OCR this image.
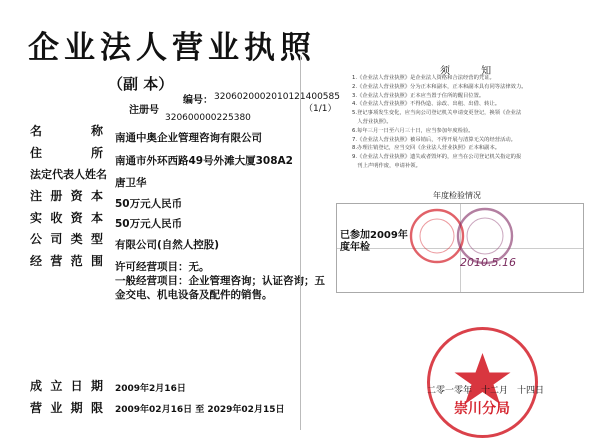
企业法人营业执照
（副 本）
编号： 3206020002010121400585
（1/1）
注册号
320600000225380
名　　　称
住　　　所
法定代表人姓名
注册资本
实收资本
公司类型
经营范围
成立日期
营业期限
南通中奥企业管理咨询有限公司
南通市外环西路49号外滩大厦308A2
唐卫华
50万元人民币
50万元人民币
有限公司(自然人控股)
许可经营项目：无。
一般经营项目：企业管理咨询；认证咨询；五
金交电、机电设备及配件的销售。
2009年2月16日
2009年02月16日 至 2029年02月15日
须 知
1.《企业法人营业执照》是企业法人资格和合法经营的凭证。
2.《企业法人营业执照》分为正本和副本，正本和副本具有同等法律效力。
3.《企业法人营业执照》正本应当置于住所的醒目位置。
4.《企业法人营业执照》不得伪造、涂改、出租、出借、转让。
5.登记事项发生变化，应当向公司登记机关申请变更登记，换领《企业法
　人营业执照》。
6.每年三月一日至六月三十日，应当参加年度检验。
7.《企业法人营业执照》被吊销后，不得开展与清算无关的经营活动。
8.办理注销登记，应当交回《企业法人营业执照》正本和副本。
9.《企业法人营业执照》遗失或者毁坏的，应当在公司登记机关指定的报
　刊上声明作废，申请补领。
年度检验情况
已参加2009年度年检
2010.5.16
二零一零年　十二月　十四日
崇川分局
